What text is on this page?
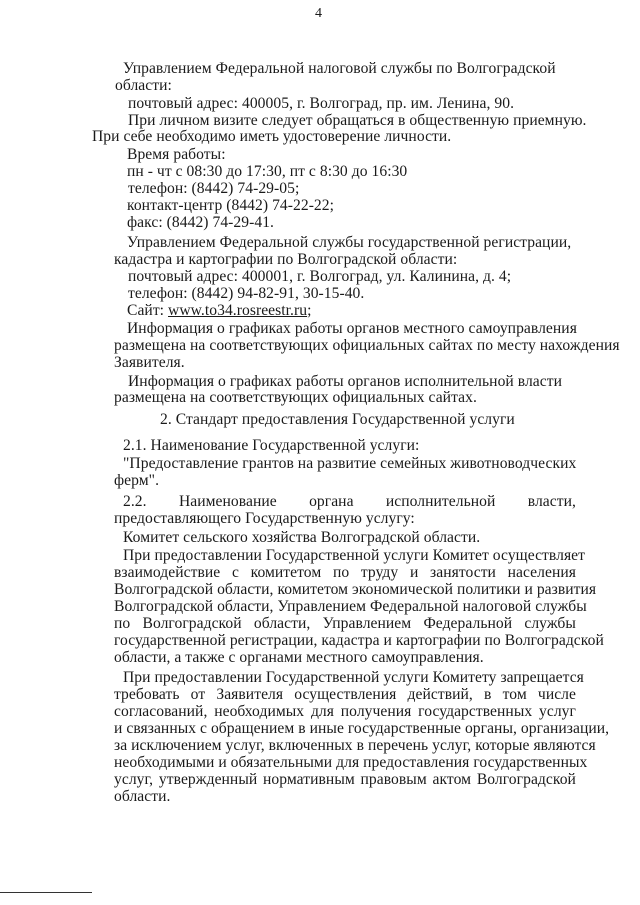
4
Управлением Федеральной налоговой службы по Волгоградской
области:
почтовый адрес: 400005, г. Волгоград, пр. им. Ленина, 90.
При личном визите следует обращаться в общественную приемную.
При себе необходимо иметь удостоверение личности.
Время работы:
пн - чт с 08:30 до 17:30, пт с 8:30 до 16:30
телефон: (8442) 74-29-05;
контакт-центр (8442) 74-22-22;
факс: (8442) 74-29-41.
Управлением Федеральной службы государственной регистрации,
кадастра и картографии по Волгоградской области:
почтовый адрес: 400001, г. Волгоград, ул. Калинина, д. 4;
телефон: (8442) 94-82-91, 30-15-40.
Сайт: www.to34.rosreestr.ru;
Информация о графиках работы органов местного самоуправления
размещена на соответствующих официальных сайтах по месту нахождения
Заявителя.
Информация о графиках работы органов исполнительной власти
размещена на соответствующих официальных сайтах.
2. Стандарт предоставления Государственной услуги
2.1. Наименование Государственной услуги:
"Предоставление грантов на развитие семейных животноводческих
ферм".
2.2. Наименование органа исполнительной власти,
предоставляющего Государственную услугу:
Комитет сельского хозяйства Волгоградской области.
При предоставлении Государственной услуги Комитет осуществляет
взаимодействие с комитетом по труду и занятости населения
Волгоградской области, комитетом экономической политики и развития
Волгоградской области, Управлением Федеральной налоговой службы
по Волгоградской области, Управлением Федеральной службы
государственной регистрации, кадастра и картографии по Волгоградской
области, а также с органами местного самоуправления.
При предоставлении Государственной услуги Комитету запрещается
требовать от Заявителя осуществления действий, в том числе
согласований, необходимых для получения государственных услуг
и связанных с обращением в иные государственные органы, организации,
за исключением услуг, включенных в перечень услуг, которые являются
необходимыми и обязательными для предоставления государственных
услуг, утвержденный нормативным правовым актом Волгоградской
области.
